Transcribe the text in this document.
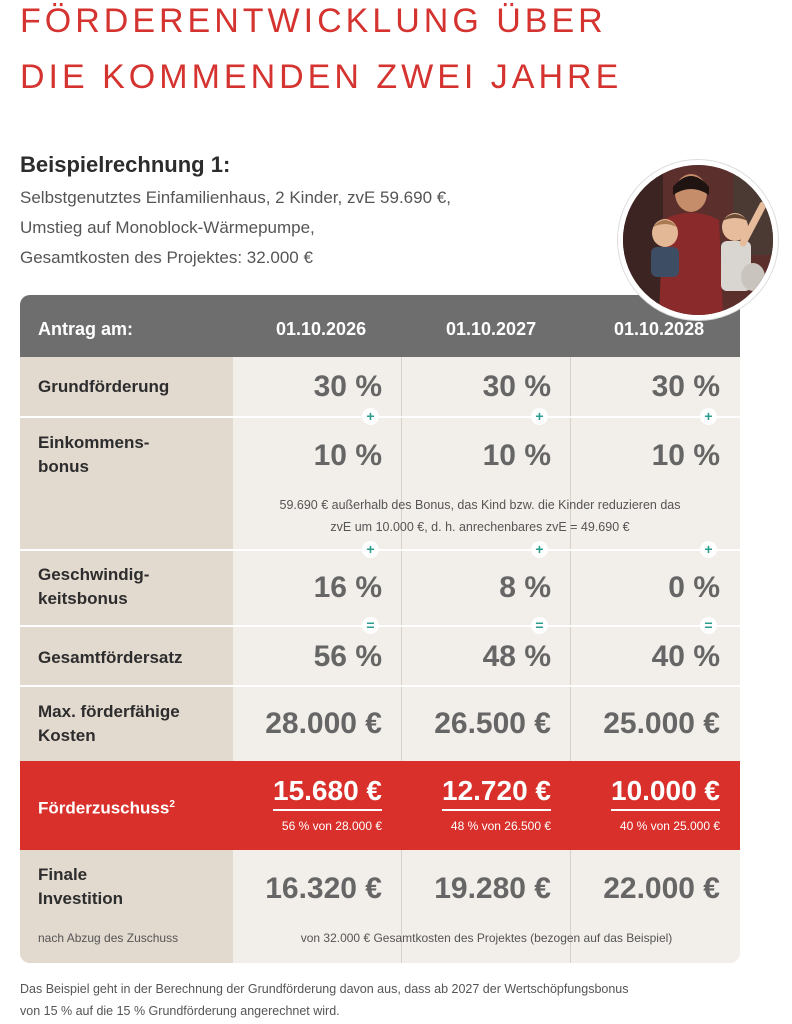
FÖRDERENTWICKLUNG ÜBER
DIE KOMMENDEN ZWEI JAHRE
Beispielrechnung 1:
Selbstgenutztes Einfamilienhaus, 2 Kinder, zvE 59.690 €,
Umstieg auf Monoblock-Wärmepumpe,
Gesamtkosten des Projektes: 32.000 €
Antrag am:	01.10.2026	01.10.2027	01.10.2028
Grundförderung	30 %	30 %	30 %
+	+	+
Einkommens-
bonus	10 %	10 %	10 %
59.690 € außerhalb des Bonus, das Kind bzw. die Kinder reduzieren das
zvE um 10.000 €, d. h. anrechenbares zvE = 49.690 €
+	+	+
Geschwindig-
keitsbonus	16 %	8 %	0 %
=	=	=
Gesamtfördersatz	56 %	48 %	40 %
Max. förderfähige
Kosten	28.000 € 26.500 € 25.000 €
Förderzuschuss$^2$	15.680 € 12.720 € 10.000 €
56 % von 28.000 €	48 % von 26.500 €	40 % von 25.000 €
Finale
Investition
nach Abzug des Zuschuss
16.320 € 19.280 € 22.000 €
von 32.000 € Gesamtkosten des Projektes (bezogen auf das Beispiel)
Das Beispiel geht in der Berechnung der Grundförderung davon aus, dass ab 2027 der Wertschöpfungsbonus
von 15 % auf die 15 % Grundförderung angerechnet wird.
